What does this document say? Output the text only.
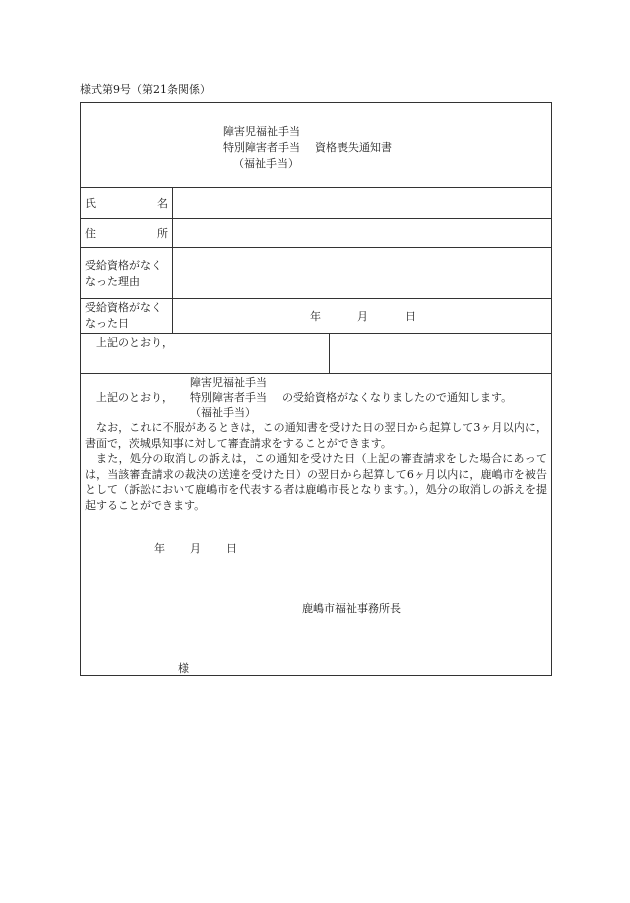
様式第9号（第21条関係）
障害児福祉手当
特別障害者手当 資格喪失通知書
（福祉手当）
氏	名
住	所
受給資格がなく
なった理由
受給資格がなく
なった日
年	月	日
上記のとおり，
障害児福祉手当
上記のとおり， 特別障害者手当 の受給資格がなくなりましたので通知します。
（福祉手当）
なお，これに不服があるときは，この通知書を受けた日の翌日から起算して3ヶ月以内に，書面で，茨城県知事に対して審査請求をすることができます。
また，処分の取消しの訴えは，この通知を受けた日（上記の審査請求をした場合にあっては，当該審査請求の裁決の送達を受けた日）の翌日から起算して6ヶ月以内に，鹿嶋市を被告として（訴訟において鹿嶋市を代表する者は鹿嶋市長となります。），処分の取消しの訴えを提起することができます。
年 月 日
鹿嶋市福祉事務所長
様
